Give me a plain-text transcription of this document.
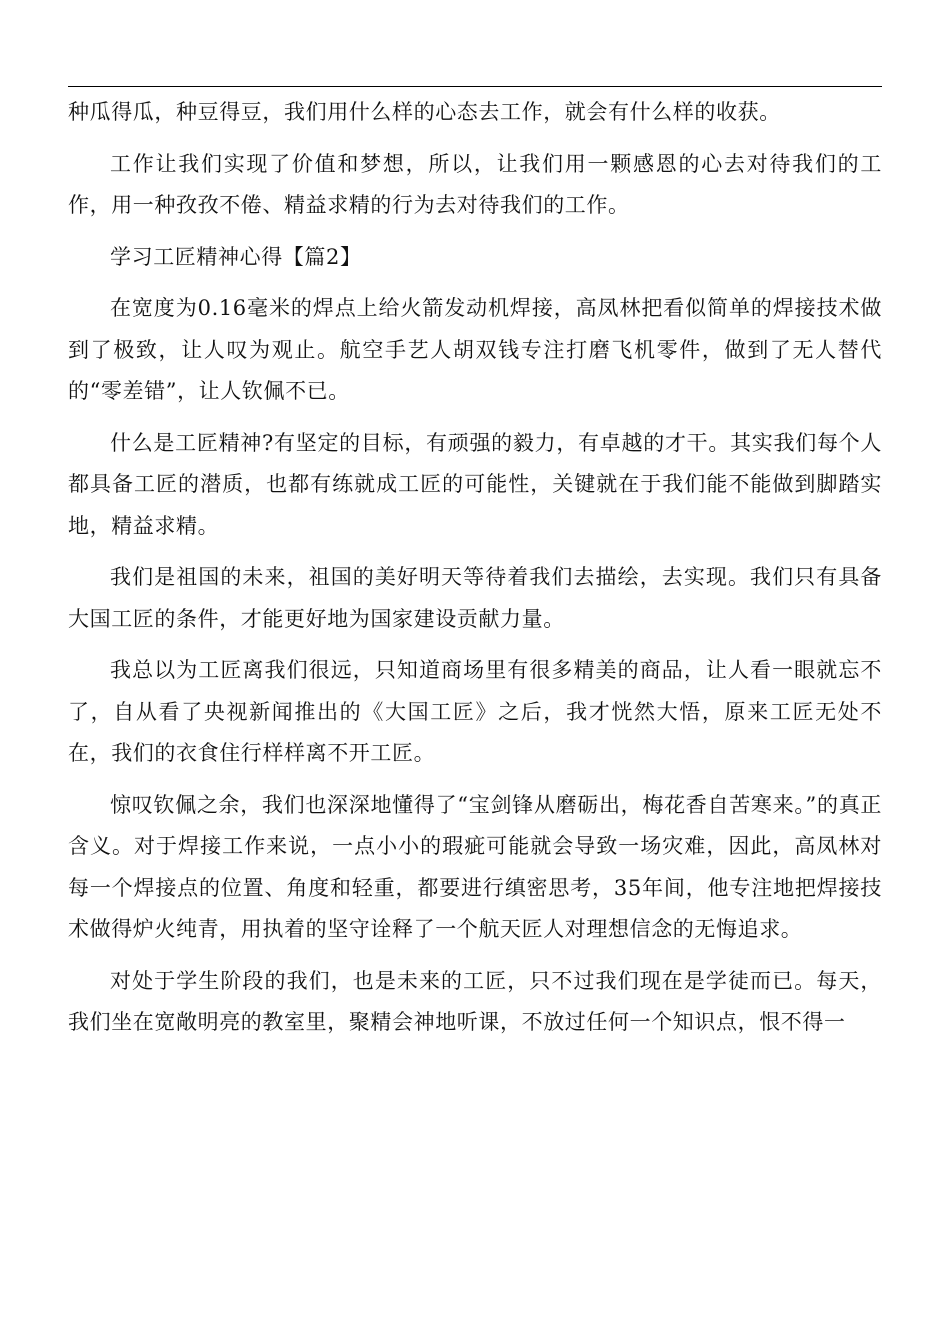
种瓜得瓜，种豆得豆，我们用什么样的心态去工作，就会有什么样的收获。

工作让我们实现了价值和梦想，所以，让我们用一颗感恩的心去对待我们的工作，用一种孜孜不倦、精益求精的行为去对待我们的工作。

学习工匠精神心得【篇2】

在宽度为0.16毫米的焊点上给火箭发动机焊接，高凤林把看似简单的焊接技术做到了极致，让人叹为观止。航空手艺人胡双钱专注打磨飞机零件，做到了无人替代的“零差错”，让人钦佩不已。

什么是工匠精神?有坚定的目标，有顽强的毅力，有卓越的才干。其实我们每个人都具备工匠的潜质，也都有练就成工匠的可能性，关键就在于我们能不能做到脚踏实地，精益求精。

我们是祖国的未来，祖国的美好明天等待着我们去描绘，去实现。我们只有具备大国工匠的条件，才能更好地为国家建设贡献力量。

我总以为工匠离我们很远，只知道商场里有很多精美的商品，让人看一眼就忘不了，自从看了央视新闻推出的《大国工匠》之后，我才恍然大悟，原来工匠无处不在，我们的衣食住行样样离不开工匠。

惊叹钦佩之余，我们也深深地懂得了“宝剑锋从磨砺出，梅花香自苦寒来。”的真正含义。对于焊接工作来说，一点小小的瑕疵可能就会导致一场灾难，因此，高凤林对每一个焊接点的位置、角度和轻重，都要进行缜密思考，35年间，他专注地把焊接技术做得炉火纯青，用执着的坚守诠释了一个航天匠人对理想信念的无悔追求。

对处于学生阶段的我们，也是未来的工匠，只不过我们现在是学徒而已。每天，我们坐在宽敞明亮的教室里，聚精会神地听课，不放过任何一个知识点，恨不得一
